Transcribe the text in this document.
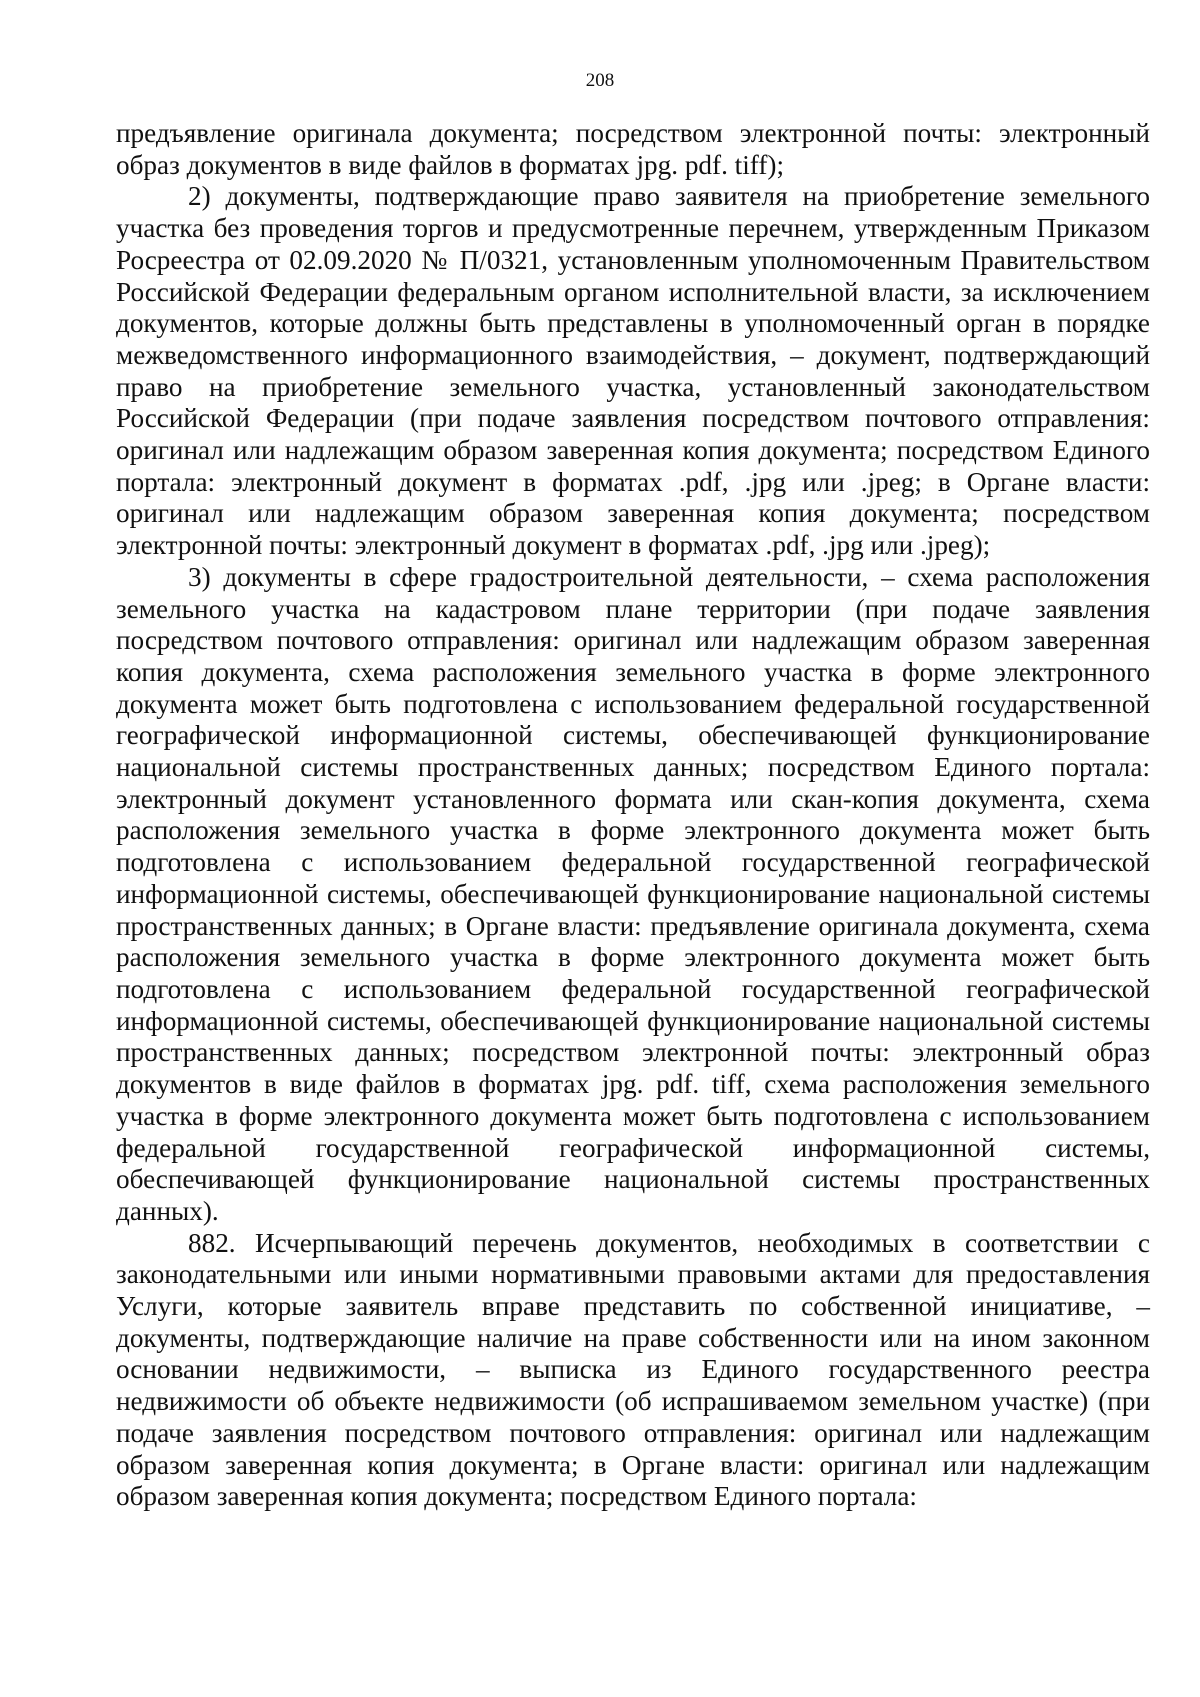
208

предъявление оригинала документа; посредством электронной почты: электронный образ документов в виде файлов в форматах jpg. pdf. tiff);

2) документы, подтверждающие право заявителя на приобретение земельного участка без проведения торгов и предусмотренные перечнем, утвержденным Приказом Росреестра от 02.09.2020 № П/0321, установленным уполномоченным Правительством Российской Федерации федеральным органом исполнительной власти, за исключением документов, которые должны быть представлены в уполномоченный орган в порядке межведомственного информационного взаимодействия, – документ, подтверждающий право на приобретение земельного участка, установленный законодательством Российской Федерации (при подаче заявления посредством почтового отправления: оригинал или надлежащим образом заверенная копия документа; посредством Единого портала: электронный документ в форматах .pdf, .jpg или .jpeg; в Органе власти: оригинал или надлежащим образом заверенная копия документа; посредством электронной почты: электронный документ в форматах .pdf, .jpg или .jpeg);

3) документы в сфере градостроительной деятельности, – схема расположения земельного участка на кадастровом плане территории (при подаче заявления посредством почтового отправления: оригинал или надлежащим образом заверенная копия документа, схема расположения земельного участка в форме электронного документа может быть подготовлена с использованием федеральной государственной географической информационной системы, обеспечивающей функционирование национальной системы пространственных данных; посредством Единого портала: электронный документ установленного формата или скан-копия документа, схема расположения земельного участка в форме электронного документа может быть подготовлена с использованием федеральной государственной географической информационной системы, обеспечивающей функционирование национальной системы пространственных данных; в Органе власти: предъявление оригинала документа, схема расположения земельного участка в форме электронного документа может быть подготовлена с использованием федеральной государственной географической информационной системы, обеспечивающей функционирование национальной системы пространственных данных; посредством электронной почты: электронный образ документов в виде файлов в форматах jpg. pdf. tiff, схема расположения земельного участка в форме электронного документа может быть подготовлена с использованием федеральной государственной географической информационной системы, обеспечивающей функционирование национальной системы пространственных данных).

882. Исчерпывающий перечень документов, необходимых в соответствии с законодательными или иными нормативными правовыми актами для предоставления Услуги, которые заявитель вправе представить по собственной инициативе, – документы, подтверждающие наличие на праве собственности или на ином законном основании недвижимости, – выписка из Единого государственного реестра недвижимости об объекте недвижимости (об испрашиваемом земельном участке) (при подаче заявления посредством почтового отправления: оригинал или надлежащим образом заверенная копия документа; в Органе власти: оригинал или надлежащим образом заверенная копия документа; посредством Единого портала:
